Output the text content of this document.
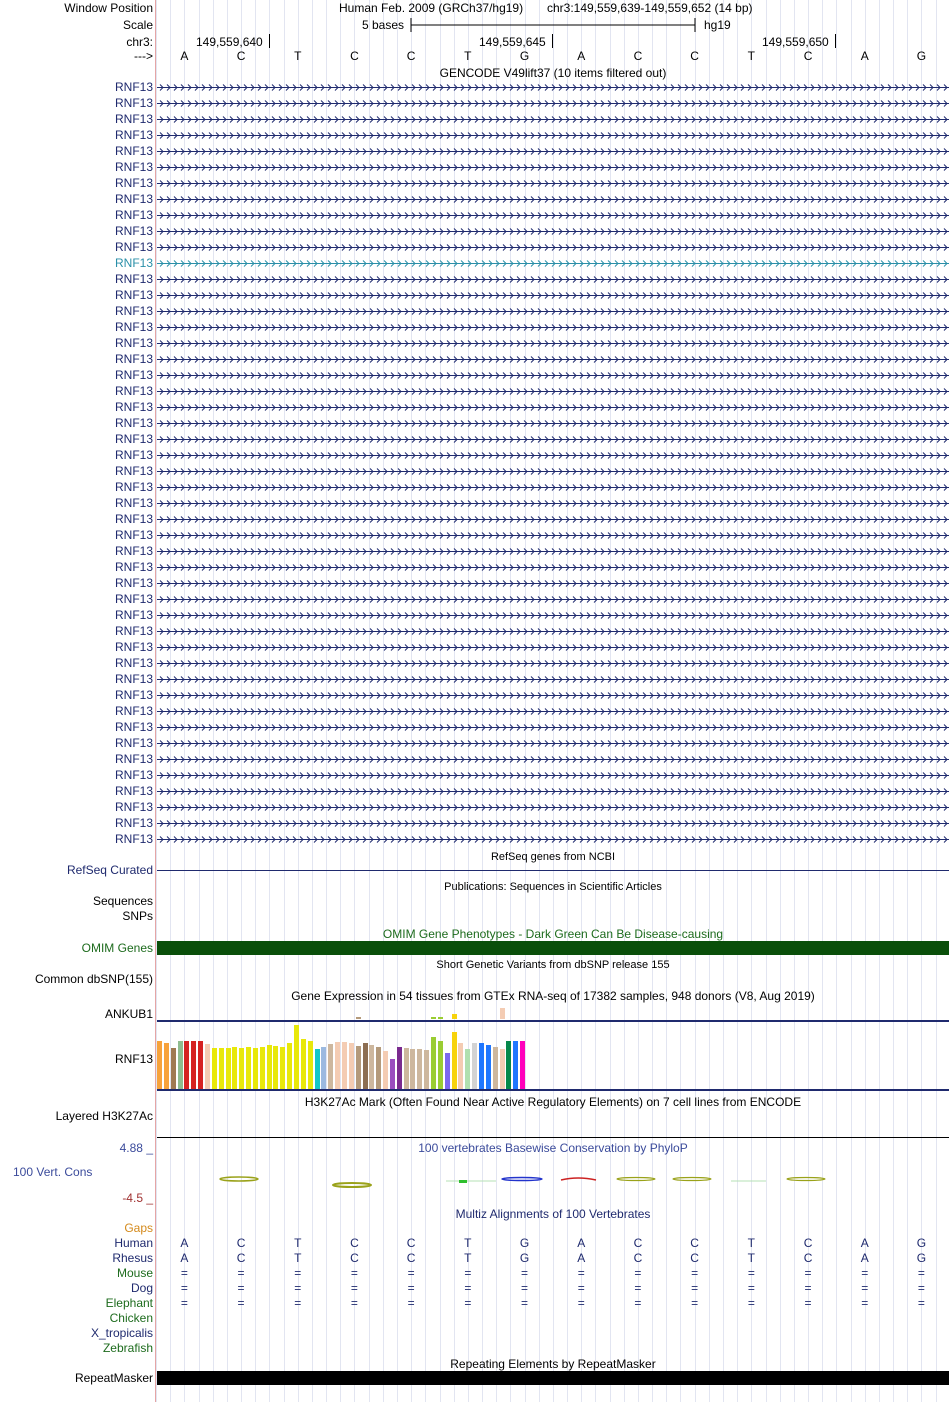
Window Position	Human Feb. 2009 (GRCh37/hg19) chr3:149,559,639-149,559,652 (14 bp)
Scale	5 bases	hg19
chr3:	149,559,640	149,559,645	149,559,650
--->	A	C	T	C	C	T	G	A	C	C	T	C	A	G
GENCODE V49lift37 (10 items filtered out)
RNF13
RNF13
RNF13
RNF13
RNF13
RNF13
RNF13
RNF13
RNF13
RNF13
RNF13
RNF13
RNF13
RNF13
RNF13
RNF13
RNF13
RNF13
RNF13
RNF13
RNF13
RNF13
RNF13
RNF13
RNF13
RNF13
RNF13
RNF13
RNF13
RNF13
RNF13
RNF13
RNF13
RNF13
RNF13
RNF13
RNF13
RNF13
RNF13
RNF13
RNF13
RNF13
RNF13
RNF13
RNF13
RNF13
RNF13
RNF13
RefSeq genes from NCBI
RefSeq Curated
Publications: Sequences in Scientific Articles
Sequences
SNPs
OMIM Gene Phenotypes - Dark Green Can Be Disease-causing
OMIM Genes
Short Genetic Variants from dbSNP release 155
Common dbSNP(155)
Gene Expression in 54 tissues from GTEx RNA-seq of 17382 samples, 948 donors (V8, Aug 2019)
ANKUB1
RNF13
H3K27Ac Mark (Often Found Near Active Regulatory Elements) on 7 cell lines from ENCODE
Layered H3K27Ac
100 vertebrates Basewise Conservation by PhyloP
4.88 _
100 Vert. Cons
-4.5 _
Multiz Alignments of 100 Vertebrates
Gaps
Human	A	C	T	C	C	T	G	A	C	C	T	C	A	G
Rhesus	A	C	T	C	C	T	G	A	C	C	T	C	A	G
Mouse	=	=	=	=	=	=	=	=	=	=	=	=	=	=
Dog	=	=	=	=	=	=	=	=	=	=	=	=	=	=
Elephant	=	=	=	=	=	=	=	=	=	=	=	=	=	=
Chicken
X_tropicalis
Zebrafish
Repeating Elements by RepeatMasker
RepeatMasker
